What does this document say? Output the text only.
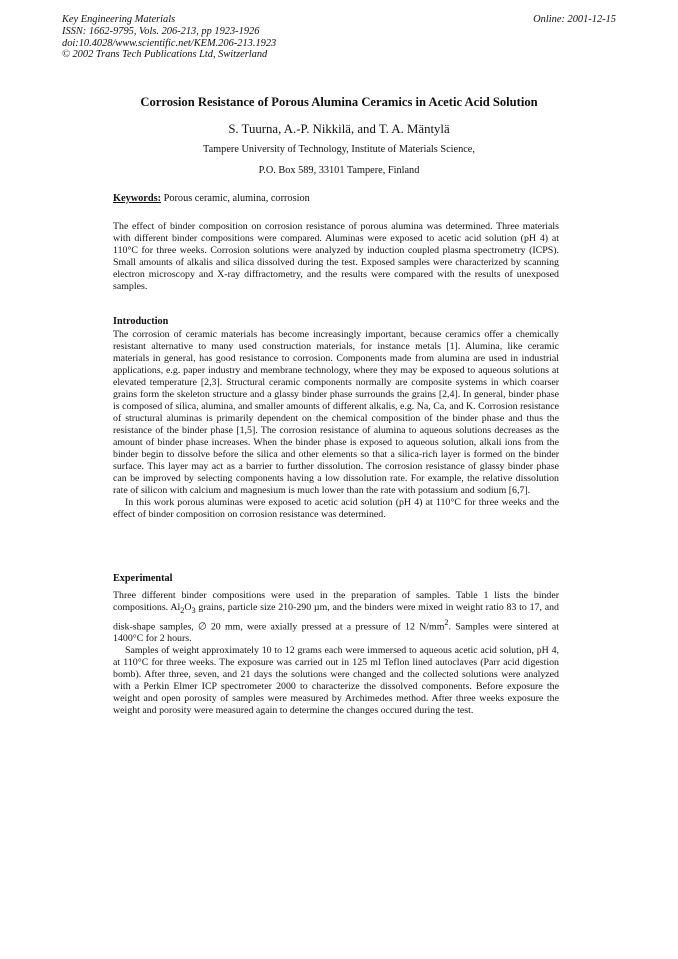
Key Engineering Materials
ISSN: 1662-9795, Vols. 206-213, pp 1923-1926
doi:10.4028/www.scientific.net/KEM.206-213.1923
© 2002 Trans Tech Publications Ltd, Switzerland
Online: 2001-12-15
Corrosion Resistance of Porous Alumina Ceramics in Acetic Acid Solution
S. Tuurna, A.-P. Nikkilä, and T. A. Mäntylä
Tampere University of Technology, Institute of Materials Science,
P.O. Box 589, 33101 Tampere, Finland
Keywords: Porous ceramic, alumina, corrosion

The effect of binder composition on corrosion resistance of porous alumina was determined. Three materials with different binder compositions were compared. Aluminas were exposed to acetic acid solution (pH 4) at 110°C for three weeks. Corrosion solutions were analyzed by induction coupled plasma spectrometry (ICPS). Small amounts of alkalis and silica dissolved during the test. Exposed samples were characterized by scanning electron microscopy and X-ray diffractometry, and the results were compared with the results of unexposed samples.

Introduction

The corrosion of ceramic materials has become increasingly important, because ceramics offer a chemically resistant alternative to many used construction materials, for instance metals [1]. Alumina, like ceramic materials in general, has good resistance to corrosion. Components made from alumina are used in industrial applications, e.g. paper industry and membrane technology, where they may be exposed to aqueous solutions at elevated temperature [2,3]. Structural ceramic components normally are composite systems in which coarser grains form the skeleton structure and a glassy binder phase surrounds the grains [2,4]. In general, binder phase is composed of silica, alumina, and smaller amounts of different alkalis, e.g. Na, Ca, and K. Corrosion resistance of structural aluminas is primarily dependent on the chemical composition of the binder phase and thus the resistance of the binder phase [1,5]. The corrosion resistance of alumina to aqueous solutions decreases as the amount of binder phase increases. When the binder phase is exposed to aqueous solution, alkali ions from the binder begin to dissolve before the silica and other elements so that a silica-rich layer is formed on the binder surface. This layer may act as a barrier to further dissolution. The corrosion resistance of glassy binder phase can be improved by selecting components having a low dissolution rate. For example, the relative dissolution rate of silicon with calcium and magnesium is much lower than the rate with potassium and sodium [6,7].

In this work porous aluminas were exposed to acetic acid solution (pH 4) at 110°C for three weeks and the effect of binder composition on corrosion resistance was determined.

Experimental

Three different binder compositions were used in the preparation of samples. Table 1 lists the binder compositions. $Al_2O_3$ grains, particle size 210-290 µm, and the binders were mixed in weight ratio 83 to 17, and disk-shape samples, ∅ 20 mm, were axially pressed at a pressure of 12 $N/mm^2$. Samples were sintered at 1400°C for 2 hours.

Samples of weight approximately 10 to 12 grams each were immersed to aqueous acetic acid solution, pH 4, at 110°C for three weeks. The exposure was carried out in 125 ml Teflon lined autoclaves (Parr acid digestion bomb). After three, seven, and 21 days the solutions were changed and the collected solutions were analyzed with a Perkin Elmer ICP spectrometer 2000 to characterize the dissolved components. Before exposure the weight and open porosity of samples were measured by Archimedes method. After three weeks exposure the weight and porosity were measured again to determine the changes occured during the test.
